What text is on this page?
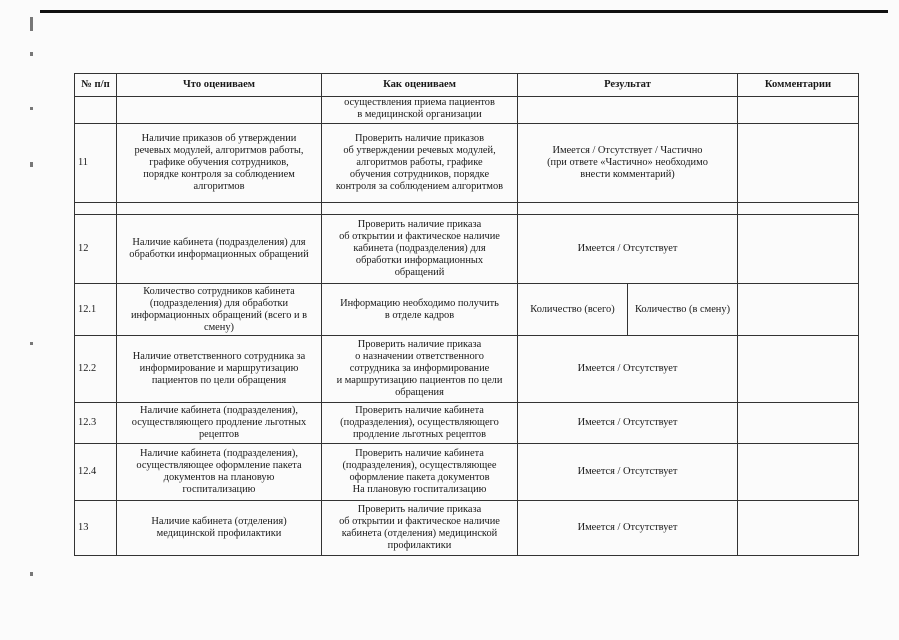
№ п/п	Что оцениваем	Как оцениваем	Результат		Комментарии

		осуществления приема пациентов
в медицинской организации			

11	Наличие приказов об утверждении
речевых модулей, алгоритмов работы,
графике обучения сотрудников,
порядке контроля за соблюдением
алгоритмов	Проверить наличие приказов
об утверждении речевых модулей,
алгоритмов работы, графике
обучения сотрудников, порядке
контроля за соблюдением алгоритмов	Имеется / Отсутствует / Частично
(при ответе «Частично» необходимо
внести комментарий)		

12	Наличие кабинета (подразделения) для
обработки информационных обращений	Проверить наличие приказа
об открытии и фактическое наличие
кабинета (подразделения) для
обработки информационных
обращений	Имеется / Отсутствует		
12.1	Количество сотрудников кабинета
(подразделения) для обработки
информационных обращений (всего и в
смену)	Информацию необходимо получить
в отделе кадров	Количество (всего)	Количество (в смену)	
12.2	Наличие ответственного сотрудника за
информирование и маршрутизацию
пациентов по цели обращения	Проверить наличие приказа
о назначении ответственного
сотрудника за информирование
и маршрутизацию пациентов по цели
обращения	Имеется / Отсутствует		
12.3	Наличие кабинета (подразделения),
осуществляющего продление льготных
рецептов	Проверить наличие кабинета
(подразделения), осуществляющего
продление льготных рецептов	Имеется / Отсутствует		
12.4	Наличие кабинета (подразделения),
осуществляющее оформление пакета
документов на плановую
госпитализацию	Проверить наличие кабинета
(подразделения), осуществляющее
оформление пакета документов
На плановую госпитализацию	Имеется / Отсутствует		
13	Наличие кабинета (отделения)
медицинской профилактики	Проверить наличие приказа
об открытии и фактическое наличие
кабинета (отделения) медицинской
профилактики	Имеется / Отсутствует		
